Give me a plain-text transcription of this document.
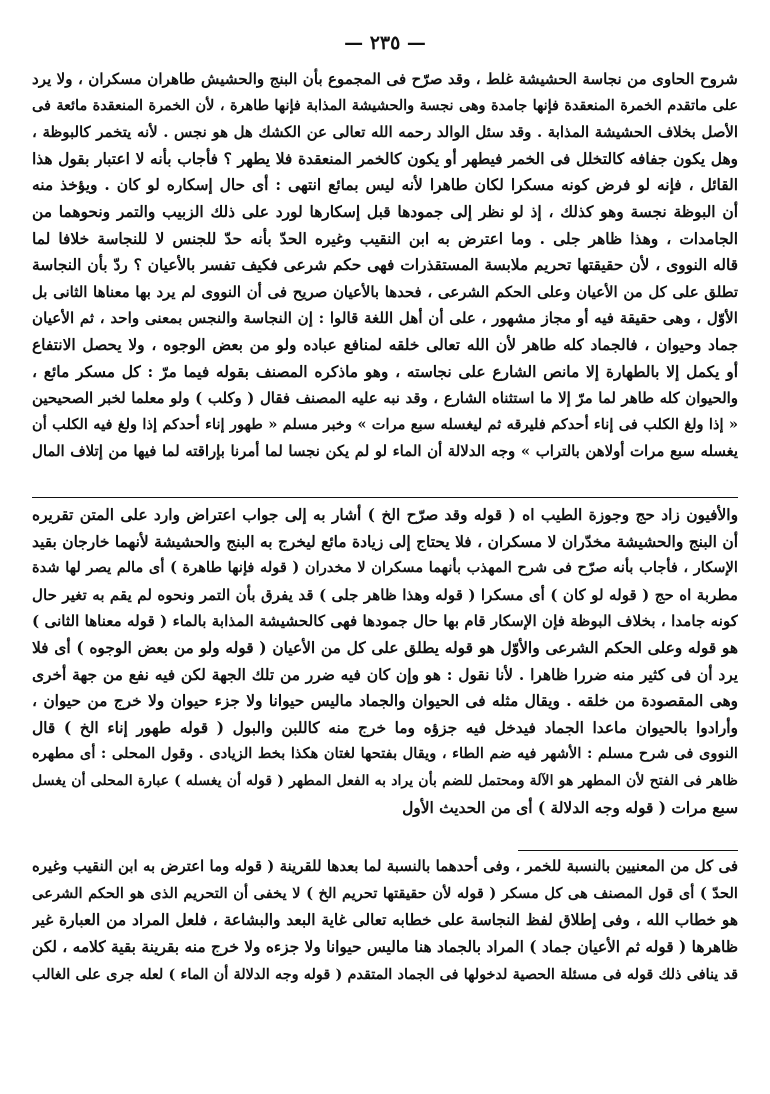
— ٢٣٥ —
شروح الحاوى من نجاسة الحشيشة غلط ، وقد صرّح فى المجموع بأن البنج والحشيش طاهران مسكران ، ولا يرد
على ماتقدم الخمرة المنعقدة فإنها جامدة وهى نجسة والحشيشة المذابة فإنها طاهرة ، لأن الخمرة المنعقدة مائعة فى
الأصل بخلاف الحشيشة المذابة . وقد سئل الوالد رحمه الله تعالى عن الكشك هل هو نجس . لأنه يتخمر كالبوظة ،
وهل يكون جفافه كالتخلل فى الخمر فيطهر أو يكون كالخمر المنعقدة فلا يطهر ؟ فأجاب بأنه لا اعتبار بقول هذا
القائل ، فإنه لو فرض كونه مسكرا لكان طاهرا لأنه ليس بمائع انتهى : أى حال إسكاره لو كان . ويؤخذ منه
أن البوظة نجسة وهو كذلك ، إذ لو نظر إلى جمودها قبل إسكارها لورد على ذلك الزبيب والتمر ونحوهما من
الجامدات ، وهذا ظاهر جلى . وما اعترض به ابن النقيب وغيره الحدّ بأنه حدّ للجنس لا للنجاسة خلافا لما
قاله النووى ، لأن حقيقتها تحريم ملابسة المستقذرات فهى حكم شرعى فكيف تفسر بالأعيان ؟ ردّ بأن النجاسة
تطلق على كل من الأعيان وعلى الحكم الشرعى ، فحدها بالأعيان صريح فى أن النووى لم يرد بها معناها الثانى بل
الأوّل ، وهى حقيقة فيه أو مجاز مشهور ، على أن أهل اللغة قالوا : إن النجاسة والنجس بمعنى واحد ، ثم الأعيان
جماد وحيوان ، فالجماد كله طاهر لأن الله تعالى خلقه لمنافع عباده ولو من بعض الوجوه ، ولا يحصل الانتفاع
أو يكمل إلا بالطهارة إلا مانص الشارع على نجاسته ، وهو ماذكره المصنف بقوله فيما مرّ : كل مسكر مائع ،
والحيوان كله طاهر لما مرّ إلا ما استثناه الشارع ، وقد نبه عليه المصنف فقال ( وكلب ) ولو معلما لخبر الصحيحين
« إذا ولغ الكلب فى إناء أحدكم فليرقه ثم ليغسله سبع مرات » وخبر مسلم « طهور إناء أحدكم إذا ولغ فيه الكلب أن
يغسله سبع مرات أولاهن بالتراب » وجه الدلالة أن الماء لو لم يكن نجسا لما أمرنا بإراقته لما فيها من إتلاف المال
والأفيون زاد حج وجوزة الطيب اه ( قوله وقد صرّح الخ ) أشار به إلى جواب اعتراض وارد على المتن تقريره
أن البنج والحشيشة مخدّران لا مسكران ، فلا يحتاج إلى زيادة مائع ليخرج به البنج والحشيشة لأنهما خارجان بقيد
الإسكار ، فأجاب بأنه صرّح فى شرح المهذب بأنهما مسكران لا مخدران ( قوله فإنها طاهرة ) أى مالم يصر لها شدة
مطربة اه حج ( قوله لو كان ) أى مسكرا ( قوله وهذا ظاهر جلى ) قد يفرق بأن التمر ونحوه لم يقم به تغير حال
كونه جامدا ، بخلاف البوظة فإن الإسكار قام بها حال جمودها فهى كالحشيشة المذابة بالماء ( قوله معناها الثانى )
هو قوله وعلى الحكم الشرعى والأوّل هو قوله يطلق على كل من الأعيان ( قوله ولو من بعض الوجوه ) أى فلا
يرد أن فى كثير منه ضررا ظاهرا . لأنا نقول : هو وإن كان فيه ضرر من تلك الجهة لكن فيه نفع من جهة أخرى
وهى المقصودة من خلقه . ويقال مثله فى الحيوان والجماد ماليس حيوانا ولا جزء حيوان ولا خرج من حيوان ،
وأرادوا بالحيوان ماعدا الجماد فيدخل فيه جزؤه وما خرج منه كاللبن والبول ( قوله طهور إناء الخ ) قال
النووى فى شرح مسلم : الأشهر فيه ضم الطاء ، ويقال بفتحها لغتان هكذا بخط الزيادى . وقول المحلى : أى مطهره
ظاهر فى الفتح لأن المطهر هو الآلة ومحتمل للضم بأن يراد به الفعل المطهر ( قوله أن يغسله ) عبارة المحلى أن يغسل
سبع مرات ( قوله وجه الدلالة ) أى من الحديث الأول
فى كل من المعنيين بالنسبة للخمر ، وفى أحدهما بالنسبة لما بعدها للقرينة ( قوله وما اعترض به ابن النقيب وغيره
الحدّ ) أى قول المصنف هى كل مسكر ( قوله لأن حقيقتها تحريم الخ ) لا يخفى أن التحريم الذى هو الحكم الشرعى
هو خطاب الله ، وفى إطلاق لفظ النجاسة على خطابه تعالى غاية البعد والبشاعة ، فلعل المراد من العبارة غير
ظاهرها ( قوله ثم الأعيان جماد ) المراد بالجماد هنا ماليس حيوانا ولا جزءه ولا خرج منه بقرينة بقية كلامه ، لكن
قد ينافى ذلك قوله فى مسئلة الحصية لدخولها فى الجماد المتقدم ( قوله وجه الدلالة أن الماء ) لعله جرى على الغالب
